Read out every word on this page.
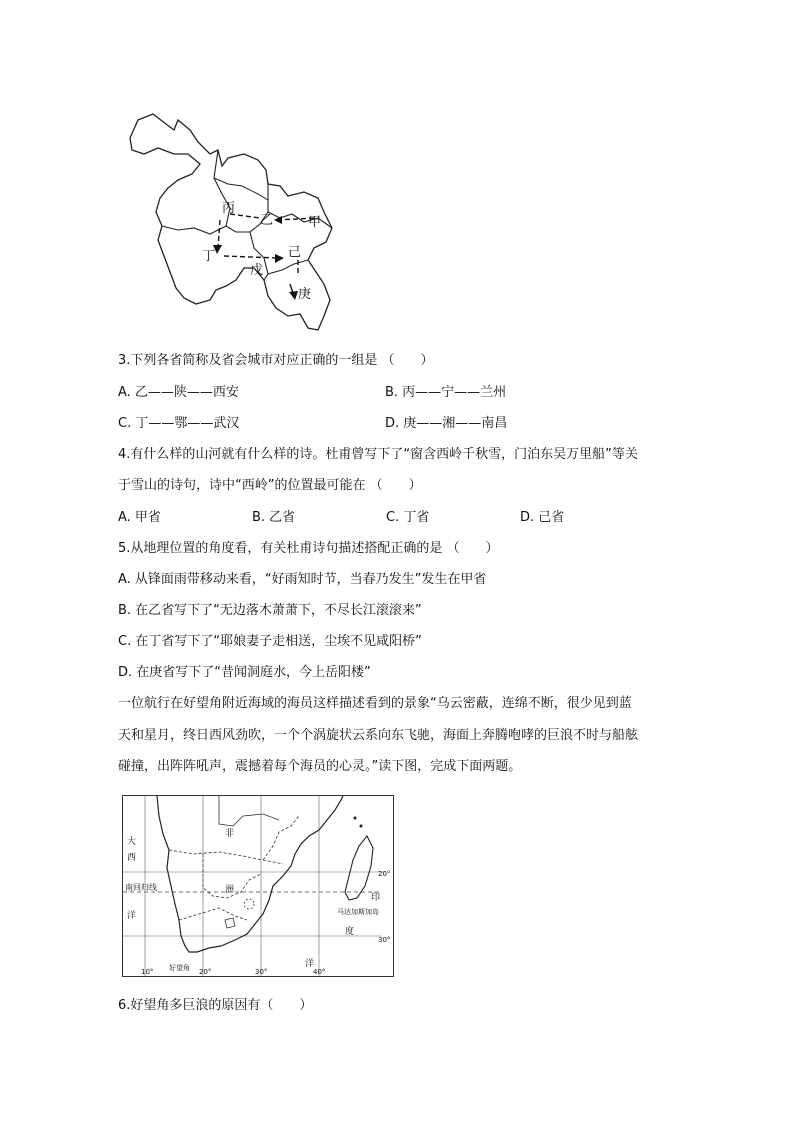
丙
乙	甲
丁	己
戊
庚
3.下列各省简称及省会城市对应正确的一组是 （　　）
A. 乙——陕——西安	B. 丙——宁——兰州
C. 丁——鄂——武汉	D. 庚——湘——南昌
4.有什么样的山河就有什么样的诗。杜甫曾写下了“窗含西岭千秋雪，门泊东吴万里船”等关
于雪山的诗句，诗中“西岭”的位置最可能在 （　　）
A. 甲省	B. 乙省	C. 丁省	D. 己省
5.从地理位置的角度看，有关杜甫诗句描述搭配正确的是 （　　）
A. 从锋面雨带移动来看，“好雨知时节，当春乃发生”发生在甲省
B. 在乙省写下了“无边落木萧萧下，不尽长江滚滚来”
C. 在丁省写下了“耶娘妻子走相送，尘埃不见咸阳桥”
D. 在庚省写下了“昔闻洞庭水，今上岳阳楼”
一位航行在好望角附近海域的海员这样描述看到的景象“乌云密蔽，连绵不断，很少见到蓝
天和星月，终日西风劲吹，一个个涡旋状云系向东飞驰，海面上奔腾咆哮的巨浪不时与船舷
碰撞，出阵阵吼声，震撼着每个海员的心灵。”读下图，完成下面两题。
大
西
南回归线
洋
非
洲
印
马达加斯加岛
度
洋
好望角
20°
30°
10°	20°	30°	40°
6.好望角多巨浪的原因有（　　）
